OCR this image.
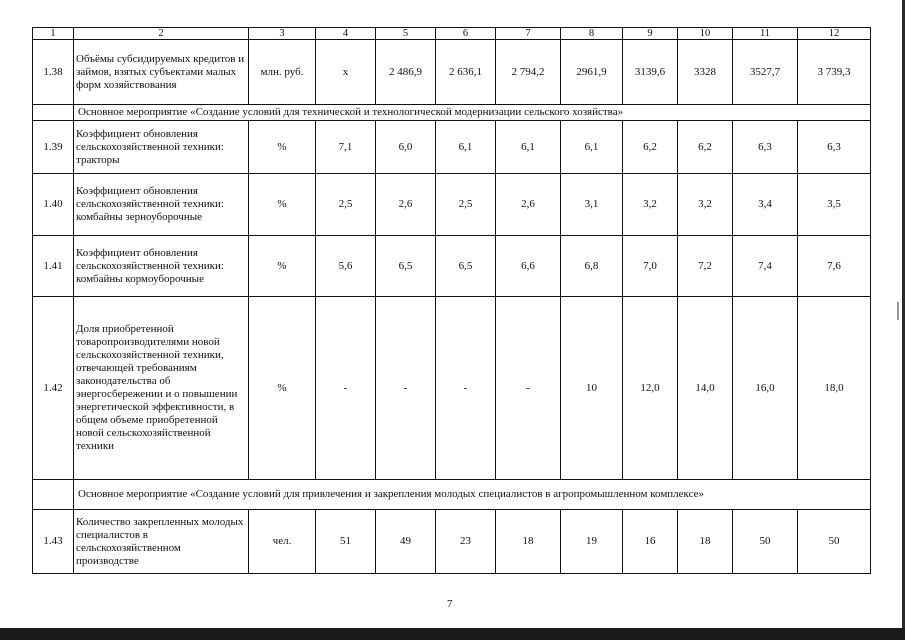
1	2	3	4	5	6	7	8	9	10	11	12
1.38	Объёмы субсидируемых кредитов и займов, взятых субъектами малых форм хозяйствования	млн. руб.	х	2 486,9	2 636,1	2 794,2	2961,9	3139,6	3328	3527,7	3 739,3
	Основное мероприятие «Создание условий для технической и технологической модернизации сельского хозяйства»										
1.39	Коэффициент обновления сельскохозяйственной техники: тракторы	%	7,1	6,0	6,1	6,1	6,1	6,2	6,2	6,3	6,3
1.40	Коэффициент обновления сельскохозяйственной техники: комбайны зерноуборочные	%	2,5	2,6	2,5	2,6	3,1	3,2	3,2	3,4	3,5
1.41	Коэффициент обновления сельскохозяйственной техники: комбайны кормоуборочные	%	5,6	6,5	6,5	6,6	6,8	7,0	7,2	7,4	7,6
1.42	Доля приобретенной товаропроизводителями новой сельскохозяйственной техники, отвечающей требованиям законодательства об энергосбережении и о повышении энергетической эффективности, в общем объеме приобретенной новой сельскохозяйственной техники	%	-	-	-	-	10	12,0	14,0	16,0	18,0
	Основное мероприятие «Создание условий для привлечения и закрепления молодых специалистов в агропромышленном комплексе»										
1.43	Количество закрепленных молодых специалистов в сельскохозяйственном производстве	чел.	51	49	23	18	19	16	18	50	50
7
